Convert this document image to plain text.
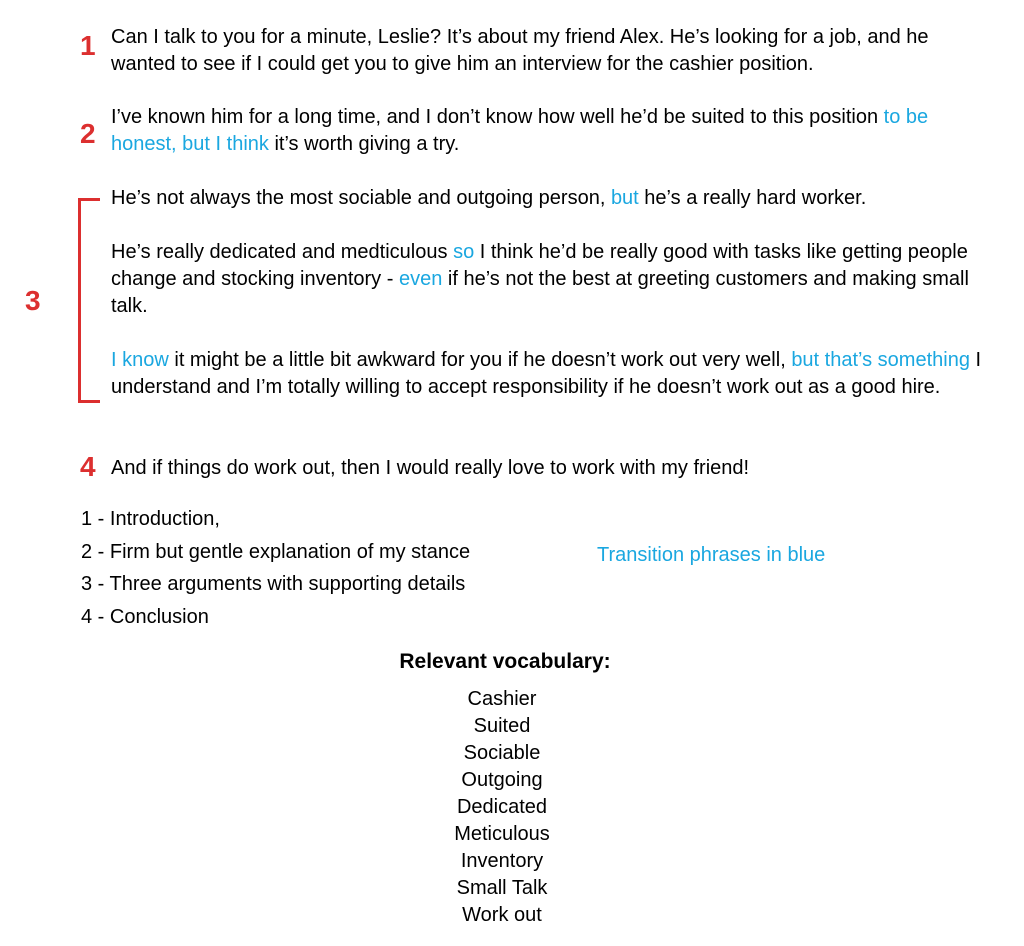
1 Can I talk to you for a minute, Leslie? It’s about my friend Alex. He’s looking for a job, and he wanted to see if I could get you to give him an interview for the cashier position.
2
I’ve known him for a long time, and I don’t know how well he’d be suited to this position to be honest, but I think it’s worth giving a try.
3
He’s not always the most sociable and outgoing person, but he’s a really hard worker.
He’s really dedicated and medticulous so I think he’d be really good with tasks like getting people change and stocking inventory - even if he’s not the best at greeting customers and making small talk.
I know it might be a little bit awkward for you if he doesn’t work out very well, but that’s something I understand and I’m totally willing to accept responsibility if he doesn’t work out as a good hire.
4 And if things do work out, then I would really love to work with my friend!
1 - Introduction,
2 - Firm but gentle explanation of my stance
3 - Three arguments with supporting details
4 - Conclusion
Transition phrases in blue
Relevant vocabulary:
Cashier
Suited
Sociable
Outgoing
Dedicated
Meticulous
Inventory
Small Talk
Work out
